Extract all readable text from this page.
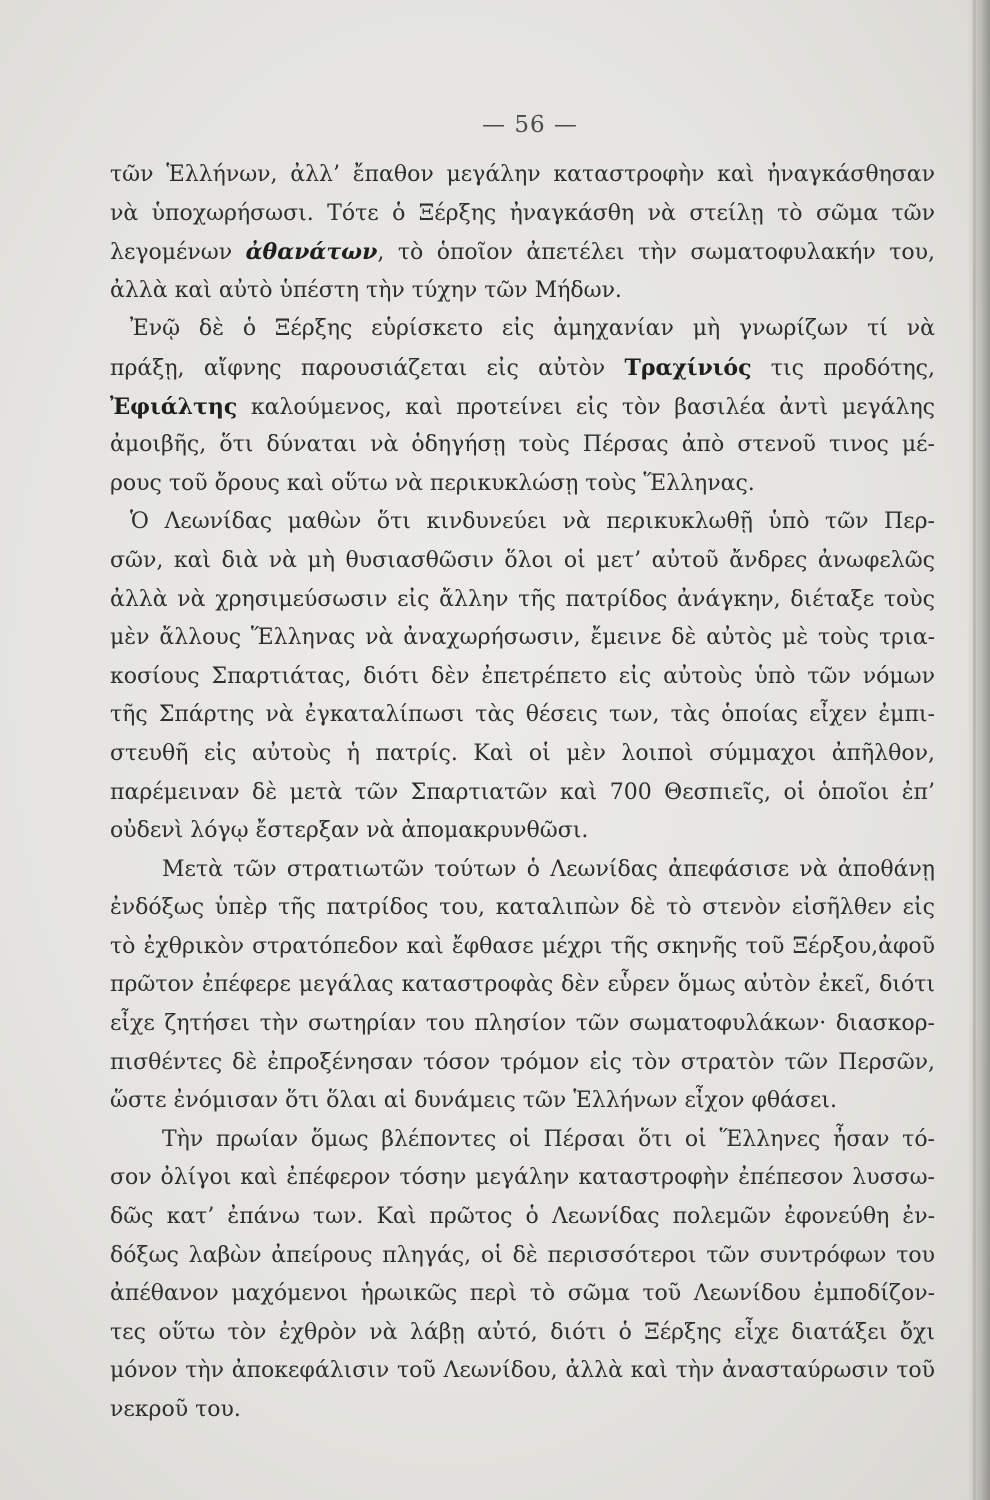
— 56 —
τῶν Ἑλλήνων, ἀλλ’ ἔπαθον μεγάλην καταστροφὴν καὶ ἠναγκάσθησαν
νὰ ὑποχωρήσωσι. Τότε ὁ Ξέρξης ἠναγκάσθη νὰ στείλῃ τὸ σῶμα τῶν
λεγομένων ἀθανάτων, τὸ ὁποῖον ἀπετέλει τὴν σωματοφυλακήν του,
ἀλλὰ καὶ αὐτὸ ὑπέστη τὴν τύχην τῶν Μήδων.
Ἐνῷ δὲ ὁ Ξέρξης εὑρίσκετο εἰς ἀμηχανίαν μὴ γνωρίζων τί νὰ
πράξῃ, αἴφνης παρουσιάζεται εἰς αὐτὸν Τραχίνιός τις προδότης,
Ἐφιάλτης καλούμενος, καὶ προτείνει εἰς τὸν βασιλέα ἀντὶ μεγάλης
ἀμοιβῆς, ὅτι δύναται νὰ ὁδηγήσῃ τοὺς Πέρσας ἀπὸ στενοῦ τινος μέ-
ρους τοῦ ὄρους καὶ οὕτω νὰ περικυκλώσῃ τοὺς Ἕλληνας.
Ὁ Λεωνίδας μαθὼν ὅτι κινδυνεύει νὰ περικυκλωθῇ ὑπὸ τῶν Περ-
σῶν, καὶ διὰ νὰ μὴ θυσιασθῶσιν ὅλοι οἱ μετ’ αὐτοῦ ἄνδρες ἀνωφελῶς
ἀλλὰ νὰ χρησιμεύσωσιν εἰς ἄλλην τῆς πατρίδος ἀνάγκην, διέταξε τοὺς
μὲν ἄλλους Ἕλληνας νὰ ἀναχωρήσωσιν, ἔμεινε δὲ αὐτὸς μὲ τοὺς τρια-
κοσίους Σπαρτιάτας, διότι δὲν ἐπετρέπετο εἰς αὐτοὺς ὑπὸ τῶν νόμων
τῆς Σπάρτης νὰ ἐγκαταλίπωσι τὰς θέσεις των, τὰς ὁποίας εἶχεν ἐμπι-
στευθῆ εἰς αὐτοὺς ἡ πατρίς. Καὶ οἱ μὲν λοιποὶ σύμμαχοι ἀπῆλθον,
παρέμειναν δὲ μετὰ τῶν Σπαρτιατῶν καὶ 700 Θεσπιεῖς, οἱ ὁποῖοι ἐπ’
οὐδενὶ λόγῳ ἔστερξαν νὰ ἀπομακρυνθῶσι.
Μετὰ τῶν στρατιωτῶν τούτων ὁ Λεωνίδας ἀπεφάσισε νὰ ἀποθάνῃ
ἐνδόξως ὑπὲρ τῆς πατρίδος του, καταλιπὼν δὲ τὸ στενὸν εἰσῆλθεν εἰς
τὸ ἐχθρικὸν στρατόπεδον καὶ ἔφθασε μέχρι τῆς σκηνῆς τοῦ Ξέρξου,ἀφοῦ
πρῶτον ἐπέφερε μεγάλας καταστροφὰς δὲν εὗρεν ὅμως αὐτὸν ἐκεῖ, διότι
εἶχε ζητήσει τὴν σωτηρίαν του πλησίον τῶν σωματοφυλάκων· διασκορ-
πισθέντες δὲ ἐπροξένησαν τόσον τρόμον εἰς τὸν στρατὸν τῶν Περσῶν,
ὥστε ἐνόμισαν ὅτι ὅλαι αἱ δυνάμεις τῶν Ἑλλήνων εἶχον φθάσει.
Τὴν πρωίαν ὅμως βλέποντες οἱ Πέρσαι ὅτι οἱ Ἕλληνες ἦσαν τό-
σον ὀλίγοι καὶ ἐπέφερον τόσην μεγάλην καταστροφὴν ἐπέπεσον λυσσω-
δῶς κατ’ ἐπάνω των. Καὶ πρῶτος ὁ Λεωνίδας πολεμῶν ἐφονεύθη ἐν-
δόξως λαβὼν ἀπείρους πληγάς, οἱ δὲ περισσότεροι τῶν συντρόφων του
ἀπέθανον μαχόμενοι ἡρωικῶς περὶ τὸ σῶμα τοῦ Λεωνίδου ἐμποδίζον-
τες οὕτω τὸν ἐχθρὸν νὰ λάβῃ αὐτό, διότι ὁ Ξέρξης εἶχε διατάξει ὄχι
μόνον τὴν ἀποκεφάλισιν τοῦ Λεωνίδου, ἀλλὰ καὶ τὴν ἀνασταύρωσιν τοῦ
νεκροῦ του.
